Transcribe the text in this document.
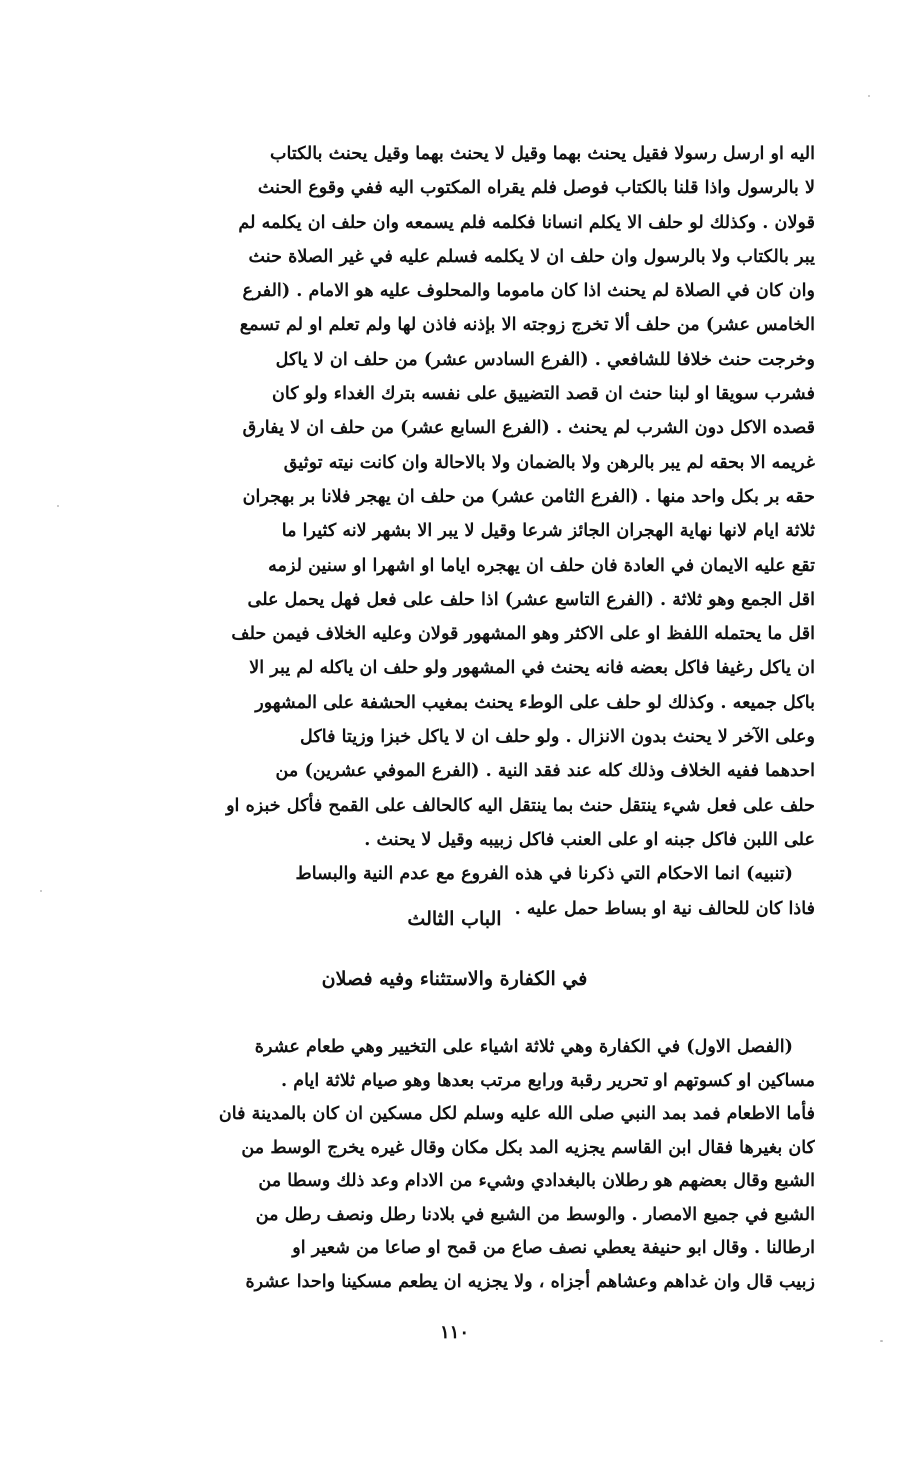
اليه او ارسل رسولا فقيل يحنث بهما وقيل لا يحنث بهما وقيل يحنث بالكتاب
لا بالرسول واذا قلنا بالكتاب فوصل فلم يقراه المكتوب اليه ففي وقوع الحنث
قولان . وكذلك لو حلف الا يكلم انسانا فكلمه فلم يسمعه وان حلف ان يكلمه لم
يبر بالكتاب ولا بالرسول وان حلف ان لا يكلمه فسلم عليه في غير الصلاة حنث
وان كان في الصلاة لم يحنث اذا كان ماموما والمحلوف عليه هو الامام . (الفرع
الخامس عشر) من حلف ألا تخرج زوجته الا بإذنه فاذن لها ولم تعلم او لم تسمع
وخرجت حنث خلافا للشافعي . (الفرع السادس عشر) من حلف ان لا ياكل
فشرب سويقا او لبنا حنث ان قصد التضييق على نفسه بترك الغداء ولو كان
قصده الاكل دون الشرب لم يحنث . (الفرع السابع عشر) من حلف ان لا يفارق
غريمه الا بحقه لم يبر بالرهن ولا بالضمان ولا بالاحالة وان كانت نيته توثيق
حقه بر بكل واحد منها . (الفرع الثامن عشر) من حلف ان يهجر فلانا بر بهجران
ثلاثة ايام لانها نهاية الهجران الجائز شرعا وقيل لا يبر الا بشهر لانه كثيرا ما
تقع عليه الايمان في العادة فان حلف ان يهجره اياما او اشهرا او سنين لزمه
اقل الجمع وهو ثلاثة . (الفرع التاسع عشر) اذا حلف على فعل فهل يحمل على
اقل ما يحتمله اللفظ او على الاكثر وهو المشهور قولان وعليه الخلاف فيمن حلف
ان ياكل رغيفا فاكل بعضه فانه يحنث في المشهور ولو حلف ان ياكله لم يبر الا
باكل جميعه . وكذلك لو حلف على الوطء يحنث بمغيب الحشفة على المشهور
وعلى الآخر لا يحنث بدون الانزال . ولو حلف ان لا ياكل خبزا وزيتا فاكل
احدهما ففيه الخلاف وذلك كله عند فقد النية . (الفرع الموفي عشرين) من
حلف على فعل شيء ينتقل حنث بما ينتقل اليه كالحالف على القمح فأكل خبزه او
على اللبن فاكل جبنه او على العنب فاكل زبيبه وقيل لا يحنث .
(تنبيه) انما الاحكام التي ذكرنا في هذه الفروع مع عدم النية والبساط
فاذا كان للحالف نية او بساط حمل عليه .
الباب الثالث
في الكفارة والاستثناء وفيه فصلان
(الفصل الاول) في الكفارة وهي ثلاثة اشياء على التخيير وهي طعام عشرة
مساكين او كسوتهم او تحرير رقبة ورابع مرتب بعدها وهو صيام ثلاثة ايام .
فأما الاطعام فمد بمد النبي صلى الله عليه وسلم لكل مسكين ان كان بالمدينة فان
كان بغيرها فقال ابن القاسم يجزيه المد بكل مكان وقال غيره يخرج الوسط من
الشبع وقال بعضهم هو رطلان بالبغدادي وشيء من الادام وعد ذلك وسطا من
الشبع في جميع الامصار . والوسط من الشبع في بلادنا رطل ونصف رطل من
ارطالنا . وقال ابو حنيفة يعطي نصف صاع من قمح او صاعا من شعير او
زبيب قال وان غداهم وعشاهم أجزاه ، ولا يجزيه ان يطعم مسكينا واحدا عشرة
١١٠
